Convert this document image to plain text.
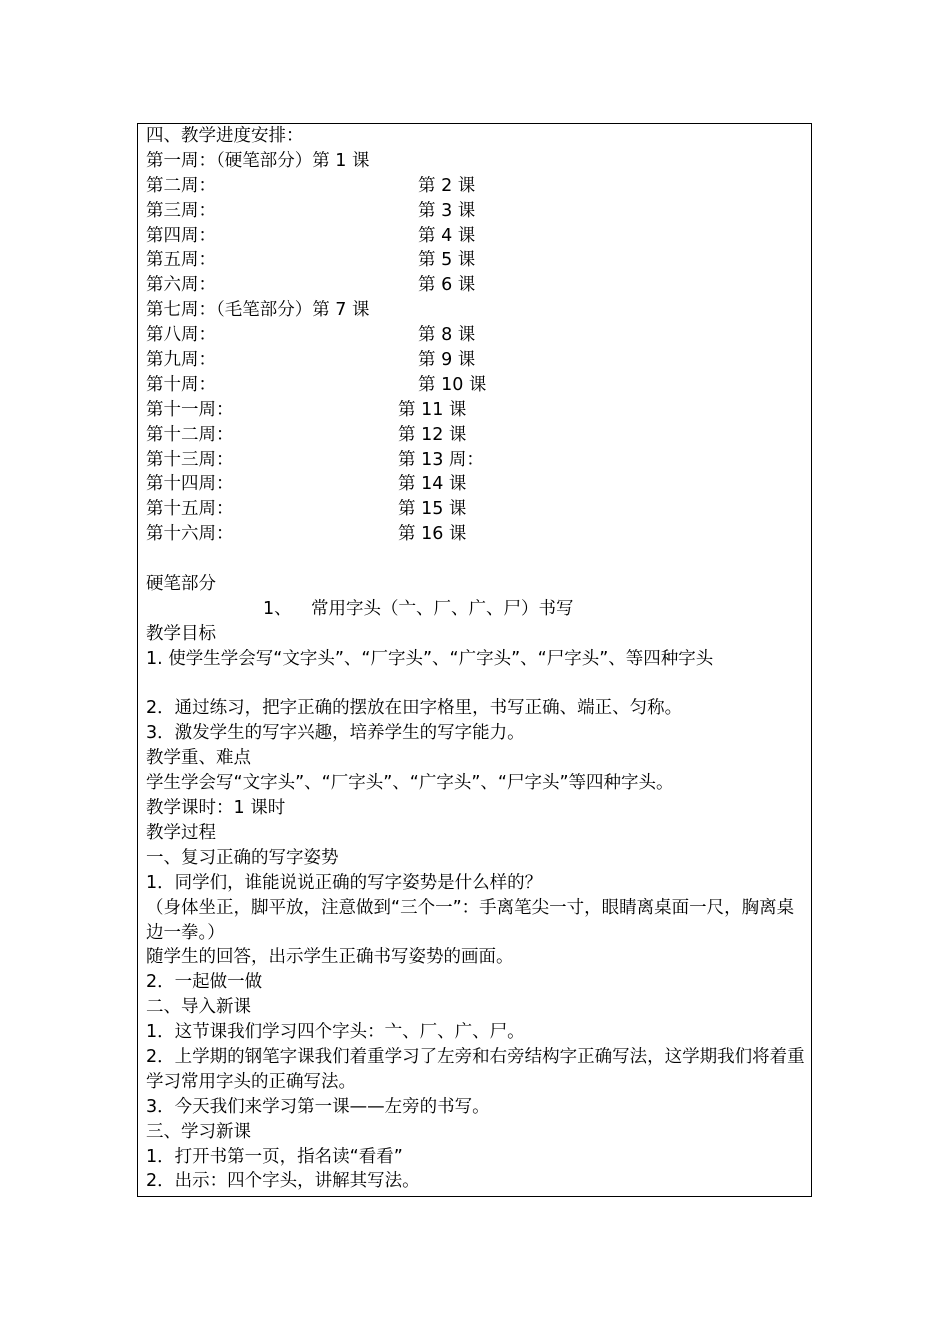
四、教学进度安排：
第一周：（硬笔部分）第 1 课
第二周：	第 2 课
第三周：	第 3 课
第四周：	第 4 课
第五周：	第 5 课
第六周：	第 6 课
第七周：（毛笔部分）第 7 课
第八周：	第 8 课
第九周：	第 9 课
第十周：	第 10 课
第十一周：	第 11 课
第十二周：	第 12 课
第十三周：	第 13 周：
第十四周：	第 14 课
第十五周：	第 15 课
第十六周：	第 16 课
硬笔部分
1、 常用字头（亠、厂、广、尸）书写
教学目标
1. 使学生学会写“文字头”、“厂字头”、“广字头”、“尸字头”、等四种字头
2．通过练习，把字正确的摆放在田字格里，书写正确、端正、匀称。
3．激发学生的写字兴趣，培养学生的写字能力。
教学重、难点
学生学会写“文字头”、“厂字头”、“广字头”、“尸字头”等四种字头。
教学课时：1 课时
教学过程
一、复习正确的写字姿势
1．同学们，谁能说说正确的写字姿势是什么样的？
（身体坐正，脚平放，注意做到“三个一”：手离笔尖一寸，眼睛离桌面一尺，胸离桌边一拳。）
随学生的回答，出示学生正确书写姿势的画面。
2．一起做一做
二、导入新课
1．这节课我们学习四个字头：亠、厂、广、尸。
2．上学期的钢笔字课我们着重学习了左旁和右旁结构字正确写法，这学期我们将着重学习常用字头的正确写法。
3．今天我们来学习第一课——左旁的书写。
三、学习新课
1．打开书第一页，指名读“看看”
2．出示：四个字头，讲解其写法。
